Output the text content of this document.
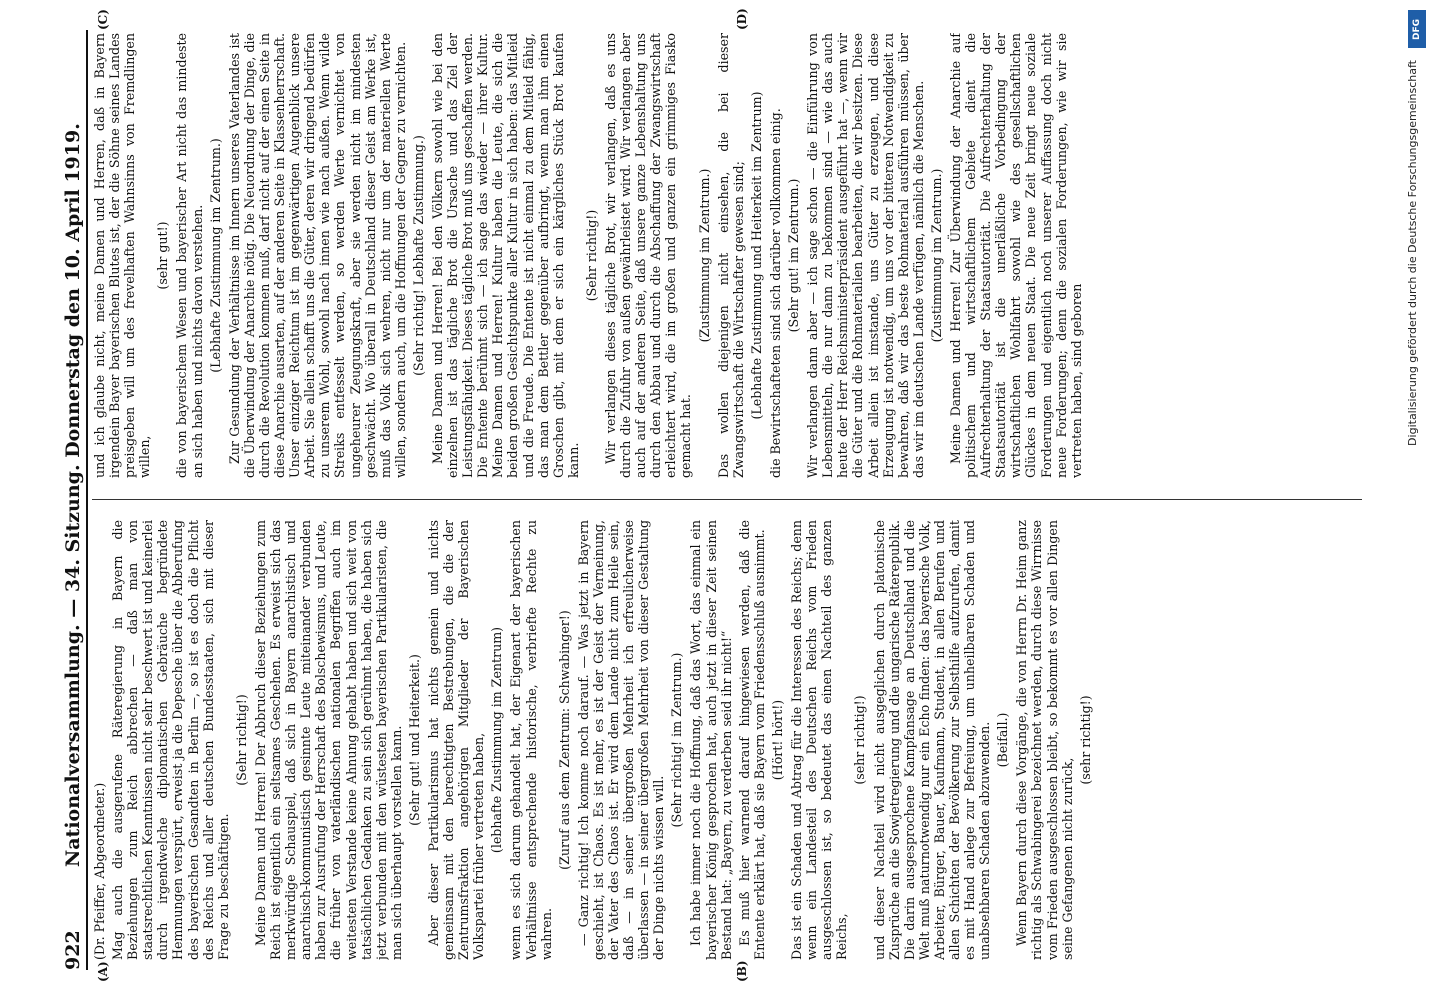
922
Nationalversammlung. — 34. Sitzung. Donnerstag den 10. April 1919.
(A)	(B)
(C)	(D)

(Dr. Pfeiffer, Abgeordneter.) Mag auch die ausgerufene Räteregierung in Bayern die Beziehungen zum Reich abbrechen — daß man von staatsrechtlichen Kenntnissen nicht sehr beschwert ist und keinerlei durch irgendwelche diplomatischen Gebräuche begründete Hemmungen verspürt, erweist ja die Depesche über die Abberufung des bayerischen Gesandten in Berlin —, so ist es doch die Pflicht des Reichs und aller deutschen Bundesstaaten, sich mit dieser Frage zu beschäftigen.

(Sehr richtig!) Meine Damen und Herren! Der Abbruch dieser Beziehungen zum Reich ist eigentlich ein seltsames Geschehen. Es erweist sich das merkwürdige Schauspiel, daß sich in Bayern anarchistisch und anarchisch-kommunistisch gesinnte Leute miteinander verbunden haben zur Ausrufung der Herrschaft des Bolschewismus, und Leute, die früher von vaterländischen nationalen Begriffen auch im weitesten Verstande keine Ahnung gehabt haben und sich weit von tatsächlichen Gedanken zu sein sich gerühmt haben, die haben sich jetzt verbunden mit den wüstesten bayerischen Partikularisten, die man sich überhaupt vorstellen kann. (Sehr gut! und Heiterkeit.) Aber dieser Partikularismus hat nichts gemein und nichts gemeinsam mit den berechtigten Bestrebungen, die die der Zentrumsfraktion angehörigen Mitglieder der Bayerischen Volkspartei früher vertreten haben, (lebhafte Zustimmung im Zentrum) wenn es sich darum gehandelt hat, der Eigenart der bayerischen Verhältnisse entsprechende historische, verbriefte Rechte zu wahren.

(Zuruf aus dem Zentrum: Schwabinger!) — Ganz richtig! Ich komme noch darauf. — Was jetzt in Bayern geschieht, ist Chaos. Es ist mehr, es ist der Geist der Verneinung, der Vater des Chaos ist. Er wird dem Lande nicht zum Heile sein, daß — in seiner übergroßen Mehrheit ich erfreulicherweise überlassen — in seiner übergroßen Mehrheit von dieser Gestaltung der Dinge nichts wissen will.

(Sehr richtig! im Zentrum.) Ich habe immer noch die Hoffnung, daß das Wort, das einmal ein bayerischer König gesprochen hat, auch jetzt in dieser Zeit seinen Bestand hat: „Bayern, zu verderben seid ihr nicht!“ Es muß hier warnend darauf hingewiesen werden, daß die Entente erklärt hat, daß sie Bayern vom Friedensschluß ausnimmt. (Hört! hört!) Das ist ein Schaden und Abtrag für die Interessen des Reichs; denn wenn ein Landesteil des Deutschen Reichs vom Frieden ausgeschlossen ist, so bedeutet das einen Nachteil des ganzen Reichs,

(sehr richtig!) und dieser Nachteil wird nicht ausgeglichen durch platonische Zusprüche an die Sowjetregierung und die ungarische Räterepublik. Die darin ausgesprochene Kampfansage an Deutschland und die Welt muß naturnotwendig nur ein Echo finden: das bayerische Volk, Arbeiter, Bürger, Bauer, Kaufmann, Student, in allen Berufen und allen Schichten der Bevölkerung zur Selbsthilfe aufzurufen, damit es mit Hand anlege zur Befreiung, um unheilbaren Schaden und unabsehbaren Schaden abzuwenden. (Beifall.) Wenn Bayern durch diese Vorgänge, die von Herrn Dr. Heim ganz richtig als Schwabingerei bezeichnet werden, durch diese Wirrnisse vom Frieden ausgeschlossen bleibt, so bekommt es vor allen Dingen seine Gefangenen nicht zurück,

(sehr richtig!)

und ich glaube nicht, meine Damen und Herren, daß in Bayern irgendein Bayer bayerischen Blutes ist, der die Söhne seines Landes preisgeben will um des frevelhaften Wahnsinns von Fremdlingen willen,

(sehr gut!) die von bayerischem Wesen und bayerischer Art nicht das mindeste an sich haben und nichts davon verstehen. (Lebhafte Zustimmung im Zentrum.) Zur Gesundung der Verhältnisse im Innern unseres Vaterlandes ist die Überwindung der Anarchie nötig. Die Neuordnung der Dinge, die durch die Revolution kommen muß, darf nicht auf der einen Seite in diese Anarchie ausarten, auf der anderen Seite in Klassenherrschaft. Unser einziger Reichtum ist im gegenwärtigen Augenblick unsere Arbeit. Sie allein schafft uns die Güter, deren wir dringend bedürfen zu unserem Wohl, sowohl nach innen wie nach außen. Wenn wilde Streiks entfesselt werden, so werden Werte vernichtet von ungeheurer Zeugungskraft, aber sie werden nicht im mindesten geschwächt. Wo überall in Deutschland dieser Geist am Werke ist, muß das Volk sich wehren, nicht nur um der materiellen Werte willen, sondern auch, um die Hoffnungen der Gegner zu vernichten. (Sehr richtig! Lebhafte Zustimmung.) Meine Damen und Herren! Bei den Völkern sowohl wie bei den einzelnen ist das tägliche Brot die Ursache und das Ziel der Leistungsfähigkeit. Dieses tägliche Brot muß uns geschaffen werden. Die Entente berühmt sich — ich sage das wieder — ihrer Kultur. Meine Damen und Herren! Kultur haben die Leute, die sich die beiden großen Gesichtspunkte aller Kultur in sich haben: das Mitleid und die Freude. Die Entente ist nicht einmal zu dem Mitleid fähig, das man dem Bettler gegenüber aufbringt, wenn man ihm einen Groschen gibt, mit dem er sich ein kärgliches Stück Brot kaufen kann.

(Sehr richtig!) Wir verlangen dieses tägliche Brot, wir verlangen, daß es uns durch die Zufuhr von außen gewährleistet wird. Wir verlangen aber auch auf der anderen Seite, daß unsere ganze Lebenshaltung uns durch den Abbau und durch die Abschaffung der Zwangswirtschaft erleichtert wird, die im großen und ganzen ein grimmiges Fiasko gemacht hat.

(Zustimmung im Zentrum.) Das wollen diejenigen nicht einsehen, die bei dieser Zwangswirtschaft die Wirtschafter gewesen sind; (Lebhafte Zustimmung und Heiterkeit im Zentrum) die Bewirtschafteten sind sich darüber vollkommen einig. (Sehr gut! im Zentrum.) Wir verlangen dann aber — ich sage schon — die Einführung von Lebensmitteln, die nur dann zu bekommen sind — wie das auch heute der Herr Reichsministerpräsident ausgeführt hat —, wenn wir die Güter und die Rohmaterialien bearbeiten, die wir besitzen. Diese Arbeit allein ist imstande, uns Güter zu erzeugen, und diese Erzeugung ist notwendig, um uns vor der bitteren Notwendigkeit zu bewahren, daß wir das beste Rohmaterial ausführen müssen, über das wir im deutschen Lande verfügen, nämlich die Menschen. (Zustimmung im Zentrum.) Meine Damen und Herren! Zur Überwindung der Anarchie auf politischem und wirtschaftlichem Gebiete dient die Aufrechterhaltung der Staatsautorität. Die Aufrechterhaltung der Staatsautorität ist die unerläßliche Vorbedingung der wirtschaftlichen Wohlfahrt sowohl wie des gesellschaftlichen Glückes in dem neuen Staat. Die neue Zeit bringt neue soziale Forderungen und eigentlich noch unserer Auffassung doch nicht neue Forderungen; denn die sozialen Forderungen, wie wir sie vertreten haben, sind geboren

DFG
Digitalisierung gefördert durch die Deutsche Forschungsgemeinschaft
